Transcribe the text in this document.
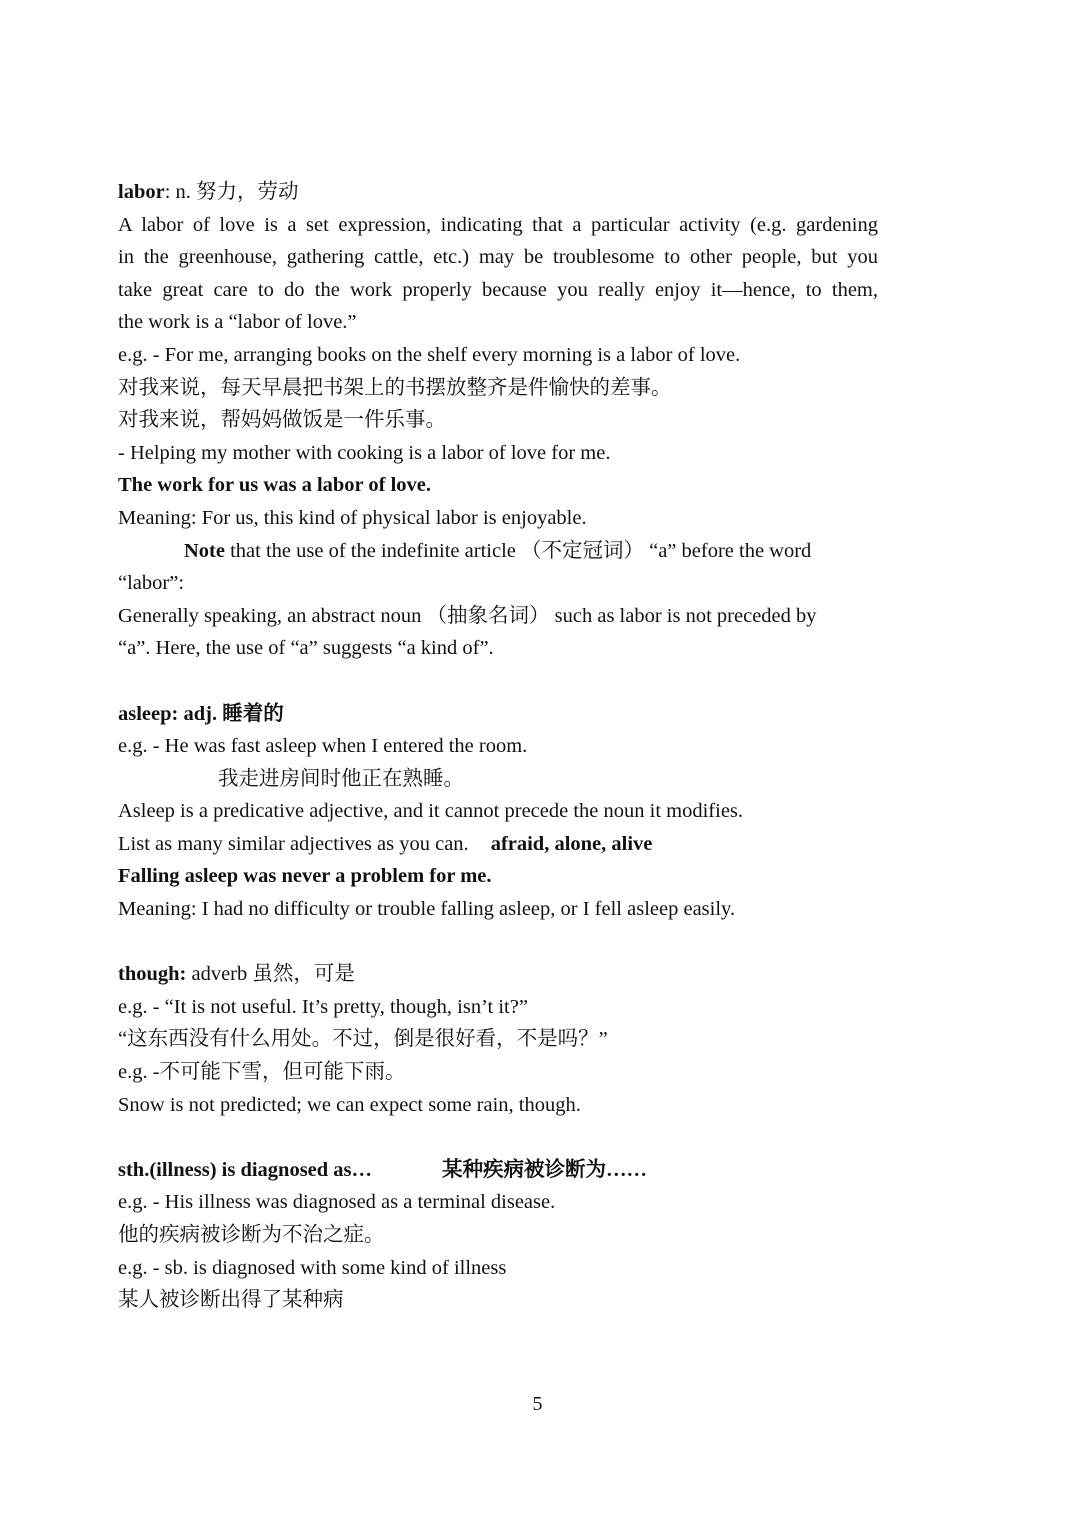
labor: n. 努力，劳动
A labor of love is a set expression, indicating that a particular activity (e.g. gardening
in the greenhouse, gathering cattle, etc.) may be troublesome to other people, but you
take great care to do the work properly because you really enjoy it—hence, to them,
the work is a “labor of love.”
e.g. - For me, arranging books on the shelf every morning is a labor of love.
对我来说，每天早晨把书架上的书摆放整齐是件愉快的差事。
对我来说，帮妈妈做饭是一件乐事。
- Helping my mother with cooking is a labor of love for me.
The work for us was a labor of love.
Meaning: For us, this kind of physical labor is enjoyable.
Note that the use of the indefinite article （不定冠词） “a” before the word
“labor”:
Generally speaking, an abstract noun （抽象名词） such as labor is not preceded by
“a”. Here, the use of “a” suggests “a kind of”.
asleep: adj. 睡着的
e.g. - He was fast asleep when I entered the room.
我走进房间时他正在熟睡。
Asleep is a predicative adjective, and it cannot precede the noun it modifies.
List as many similar adjectives as you can. afraid, alone, alive
Falling asleep was never a problem for me.
Meaning: I had no difficulty or trouble falling asleep, or I fell asleep easily.
though: adverb 虽然，可是
e.g. - “It is not useful. It’s pretty, though, isn’t it?”
“这东西没有什么用处。不过，倒是很好看，不是吗？”
e.g. -不可能下雪，但可能下雨。
Snow is not predicted; we can expect some rain, though.
sth.(illness) is diagnosed as…	某种疾病被诊断为……
e.g. - His illness was diagnosed as a terminal disease.
他的疾病被诊断为不治之症。
e.g. - sb. is diagnosed with some kind of illness
某人被诊断出得了某种病
5
